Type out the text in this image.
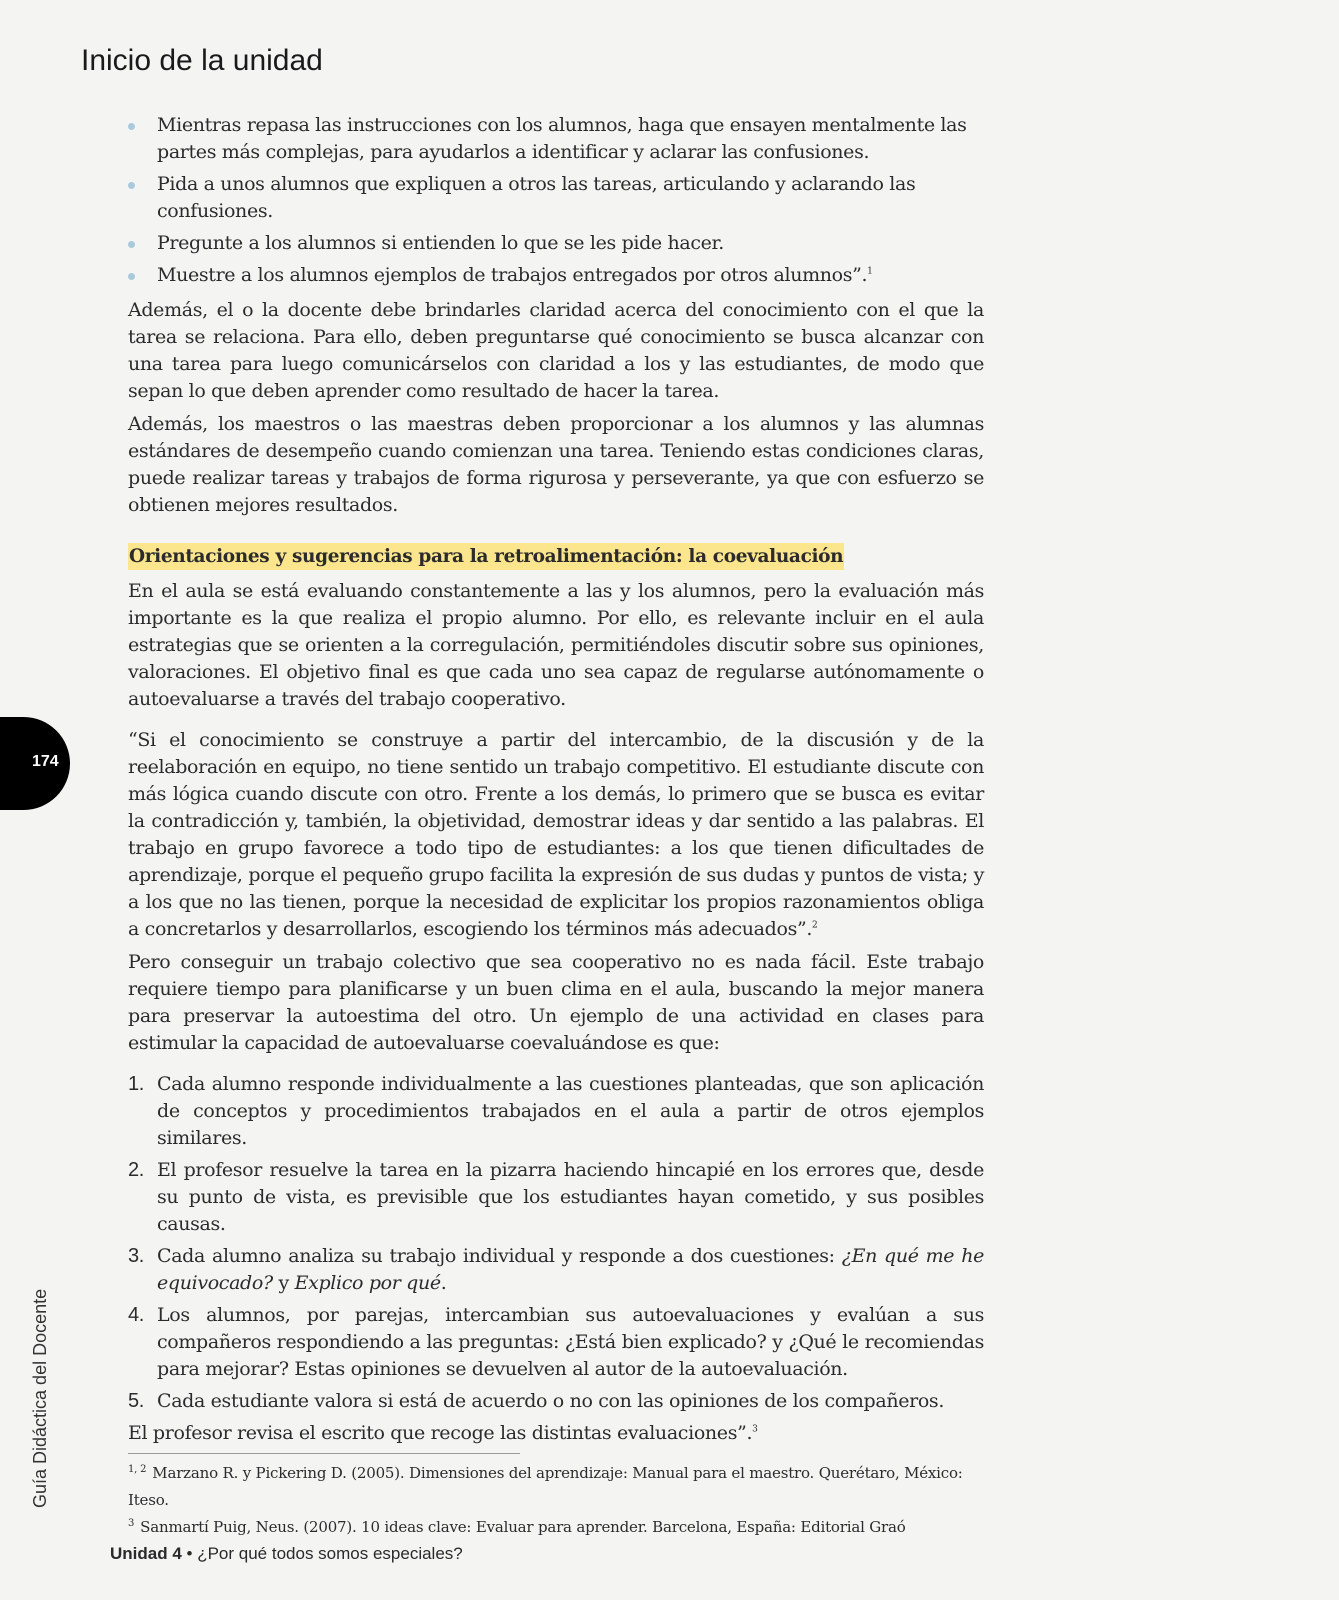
Inicio de la unidad
Mientras repasa las instrucciones con los alumnos, haga que ensayen mentalmente las partes más complejas, para ayudarlos a identificar y aclarar las confusiones.
Pida a unos alumnos que expliquen a otros las tareas, articulando y aclarando las confusiones.
Pregunte a los alumnos si entienden lo que se les pide hacer.
Muestre a los alumnos ejemplos de trabajos entregados por otros alumnos”.$^1$

Además, el o la docente debe brindarles claridad acerca del conocimiento con el que la tarea se relaciona. Para ello, deben preguntarse qué conocimiento se busca alcanzar con una tarea para luego comunicárselos con claridad a los y las estudiantes, de modo que sepan lo que deben aprender como resultado de hacer la tarea.

Además, los maestros o las maestras deben proporcionar a los alumnos y las alumnas estándares de desempeño cuando comienzan una tarea. Teniendo estas condiciones claras, puede realizar tareas y trabajos de forma rigurosa y perseverante, ya que con esfuerzo se obtienen mejores resultados.

Orientaciones y sugerencias para la retroalimentación: la coevaluación

En el aula se está evaluando constantemente a las y los alumnos, pero la evaluación más importante es la que realiza el propio alumno. Por ello, es relevante incluir en el aula estrategias que se orienten a la corregulación, permitiéndoles discutir sobre sus opiniones, valoraciones. El objetivo final es que cada uno sea capaz de regularse autónomamente o autoevaluarse a través del trabajo cooperativo.

“Si el conocimiento se construye a partir del intercambio, de la discusión y de la reelaboración en equipo, no tiene sentido un trabajo competitivo. El estudiante discute con más lógica cuando discute con otro. Frente a los demás, lo primero que se busca es evitar la contradicción y, también, la objetividad, demostrar ideas y dar sentido a las palabras. El trabajo en grupo favorece a todo tipo de estudiantes: a los que tienen dificultades de aprendizaje, porque el pequeño grupo facilita la expresión de sus dudas y puntos de vista; y a los que no las tienen, porque la necesidad de explicitar los propios razonamientos obliga a concretarlos y desarrollarlos, escogiendo los términos más adecuados”.$^2$

Pero conseguir un trabajo colectivo que sea cooperativo no es nada fácil. Este trabajo requiere tiempo para planificarse y un buen clima en el aula, buscando la mejor manera para preservar la autoestima del otro. Un ejemplo de una actividad en clases para estimular la capacidad de autoevaluarse coevaluándose es que:

1. Cada alumno responde individualmente a las cuestiones planteadas, que son aplicación de conceptos y procedimientos trabajados en el aula a partir de otros ejemplos similares.
2. El profesor resuelve la tarea en la pizarra haciendo hincapié en los errores que, desde su punto de vista, es previsible que los estudiantes hayan cometido, y sus posibles causas.
3. Cada alumno analiza su trabajo individual y responde a dos cuestiones: ¿En qué me he equivocado? y Explico por qué.
4. Los alumnos, por parejas, intercambian sus autoevaluaciones y evalúan a sus compañeros respondiendo a las preguntas: ¿Está bien explicado? y ¿Qué le recomiendas para mejorar? Estas opiniones se devuelven al autor de la autoevaluación.
5. Cada estudiante valora si está de acuerdo o no con las opiniones de los compañeros.

El profesor revisa el escrito que recoge las distintas evaluaciones”.$^3$

$^{1, 2}$ Marzano R. y Pickering D. (2005). Dimensiones del aprendizaje: Manual para el maestro. Querétaro, México: Iteso.
$^3$ Sanmartí Puig, Neus. (2007). 10 ideas clave: Evaluar para aprender. Barcelona, España: Editorial Graó
174
Guía Didáctica del Docente
Unidad 4 • ¿Por qué todos somos especiales?
